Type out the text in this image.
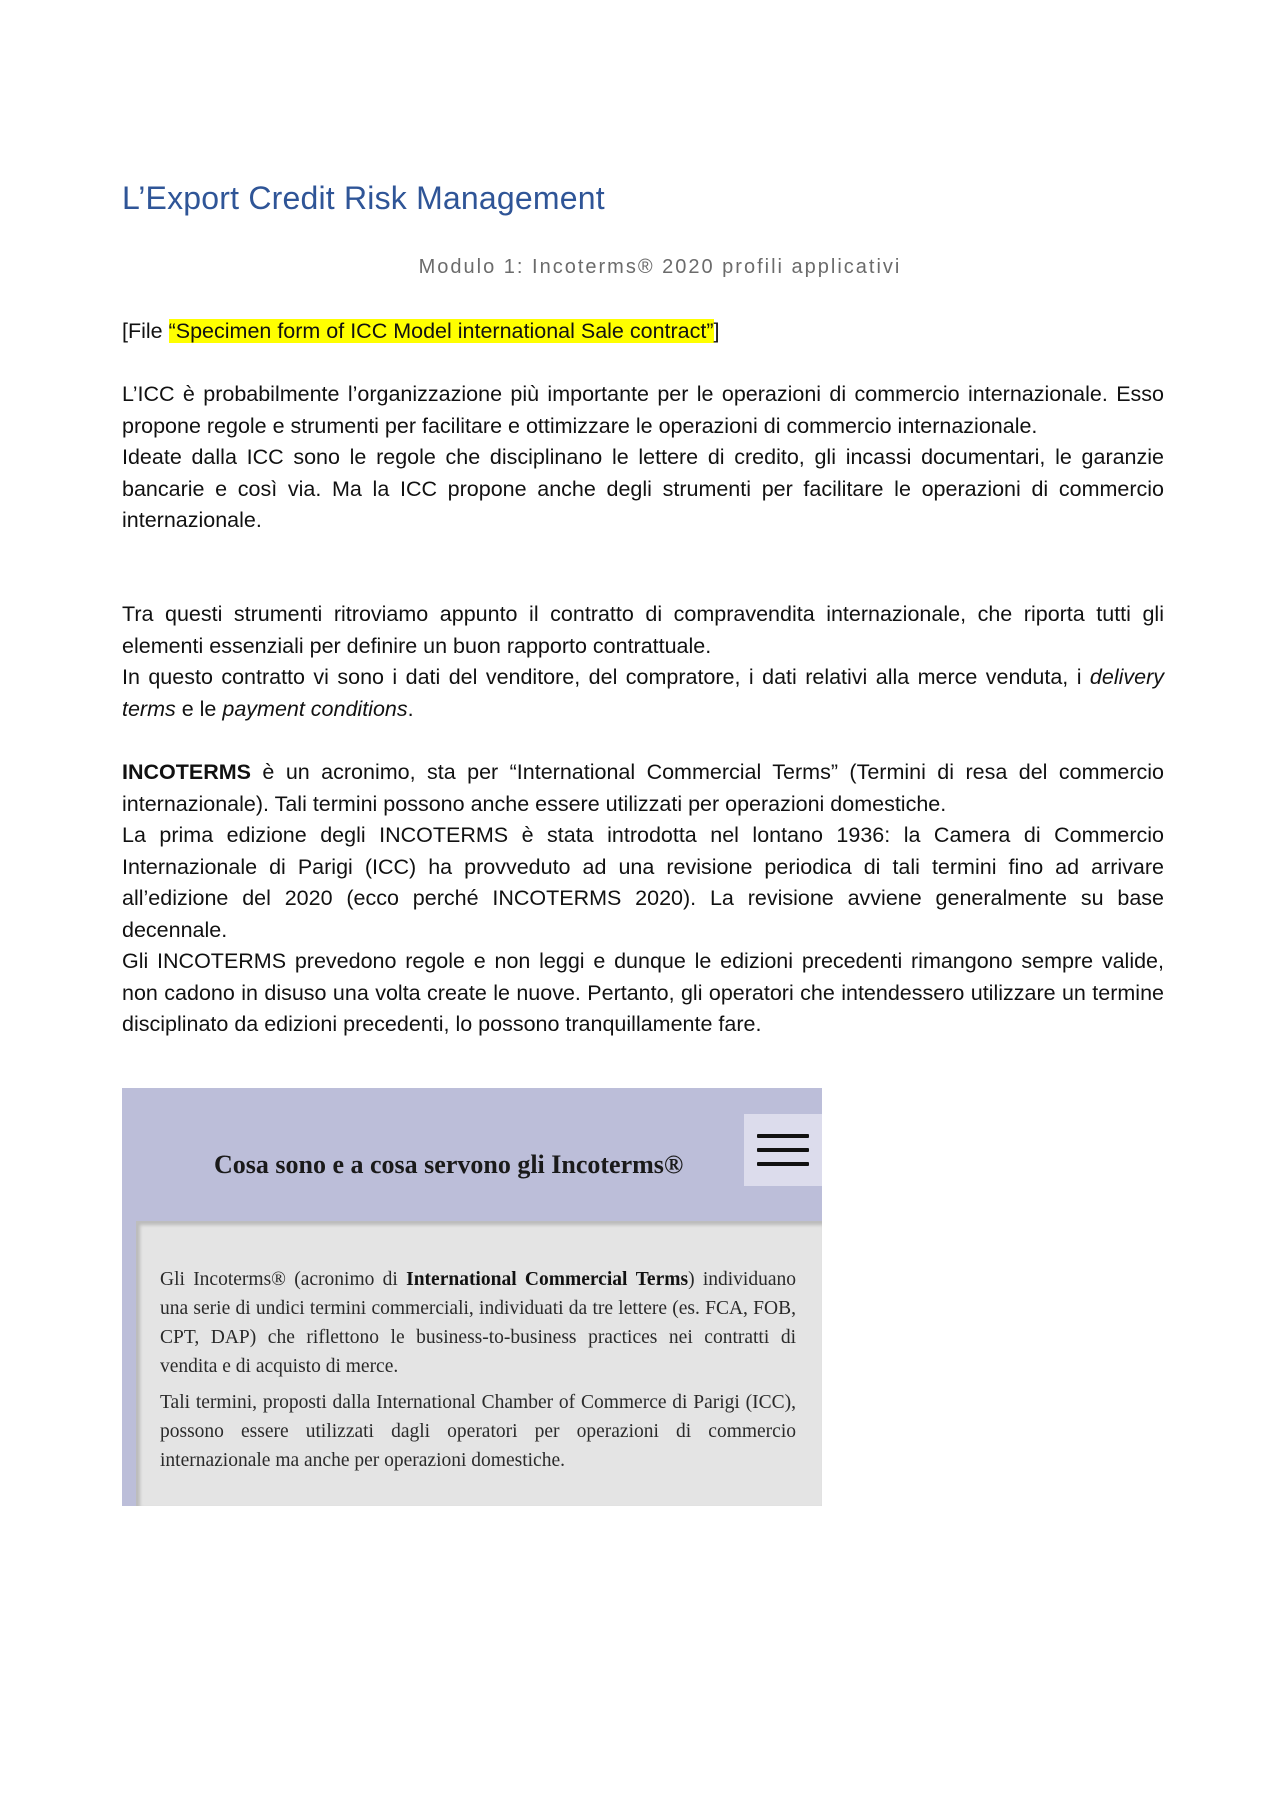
L’Export Credit Risk Management
Modulo 1: Incoterms® 2020 profili applicativi
[File “Specimen form of ICC Model international Sale contract”]

L’ICC è probabilmente l’organizzazione più importante per le operazioni di commercio internazionale. Esso propone regole e strumenti per facilitare e ottimizzare le operazioni di commercio internazionale.

Ideate dalla ICC sono le regole che disciplinano le lettere di credito, gli incassi documentari, le garanzie bancarie e così via. Ma la ICC propone anche degli strumenti per facilitare le operazioni di commercio internazionale.

Tra questi strumenti ritroviamo appunto il contratto di compravendita internazionale, che riporta tutti gli elementi essenziali per definire un buon rapporto contrattuale.

In questo contratto vi sono i dati del venditore, del compratore, i dati relativi alla merce venduta, i delivery terms e le payment conditions.

INCOTERMS è un acronimo, sta per “International Commercial Terms” (Termini di resa del commercio internazionale). Tali termini possono anche essere utilizzati per operazioni domestiche.

La prima edizione degli INCOTERMS è stata introdotta nel lontano 1936: la Camera di Commercio Internazionale di Parigi (ICC) ha provveduto ad una revisione periodica di tali termini fino ad arrivare all’edizione del 2020 (ecco perché INCOTERMS 2020). La revisione avviene generalmente su base decennale.

Gli INCOTERMS prevedono regole e non leggi e dunque le edizioni precedenti rimangono sempre valide, non cadono in disuso una volta create le nuove. Pertanto, gli operatori che intendessero utilizzare un termine disciplinato da edizioni precedenti, lo possono tranquillamente fare.

Cosa sono e a cosa servono gli Incoterms®

Gli Incoterms® (acronimo di International Commercial Terms) individuano una serie di undici termini commerciali, individuati da tre lettere (es. FCA, FOB, CPT, DAP) che riflettono le business-to-business practices nei contratti di vendita e di acquisto di merce.

Tali termini, proposti dalla International Chamber of Commerce di Parigi (ICC), possono essere utilizzati dagli operatori per operazioni di commercio internazionale ma anche per operazioni domestiche.
